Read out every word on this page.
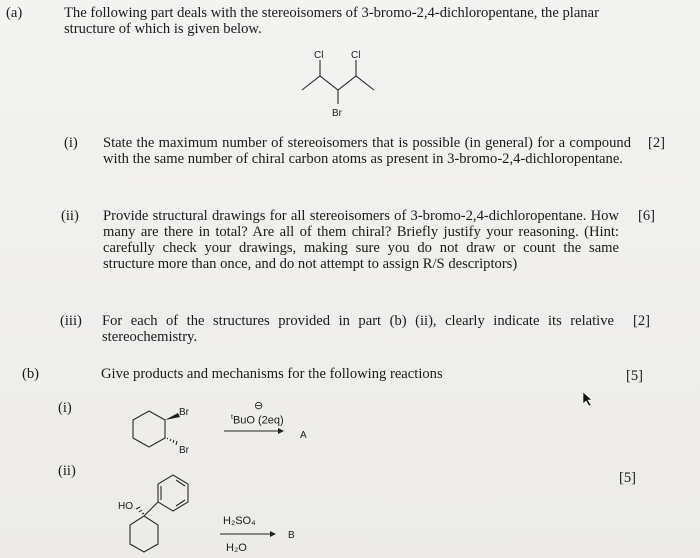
(a)	The following part deals with the stereoisomers of 3-bromo-2,4-dichloropentane, the planar structure of which is given below.
Cl	Cl
Br
(i) State the maximum number of stereoisomers that is possible (in general) for a compound with the same number of chiral carbon atoms as present in 3-bromo-2,4-dichloropentane.
[2]
(ii) Provide structural drawings for all stereoisomers of 3-bromo-2,4-dichloropentane. How many are there in total? Are all of them chiral? Briefly justify your reasoning. (Hint: carefully check your drawings, making sure you do not draw or count the same structure more than once, and do not attempt to assign R/S descriptors)
[6]
(iii) For each of the structures provided in part (b) (ii), clearly indicate its relative stereochemistry.
[2]
(b)	Give products and mechanisms for the following reactions	[5]
(i)	Br
Br
⊖
$^t$BuO (2eq)
A
(ii)	[5]
HO
H₂SO₄
H₂O
B
